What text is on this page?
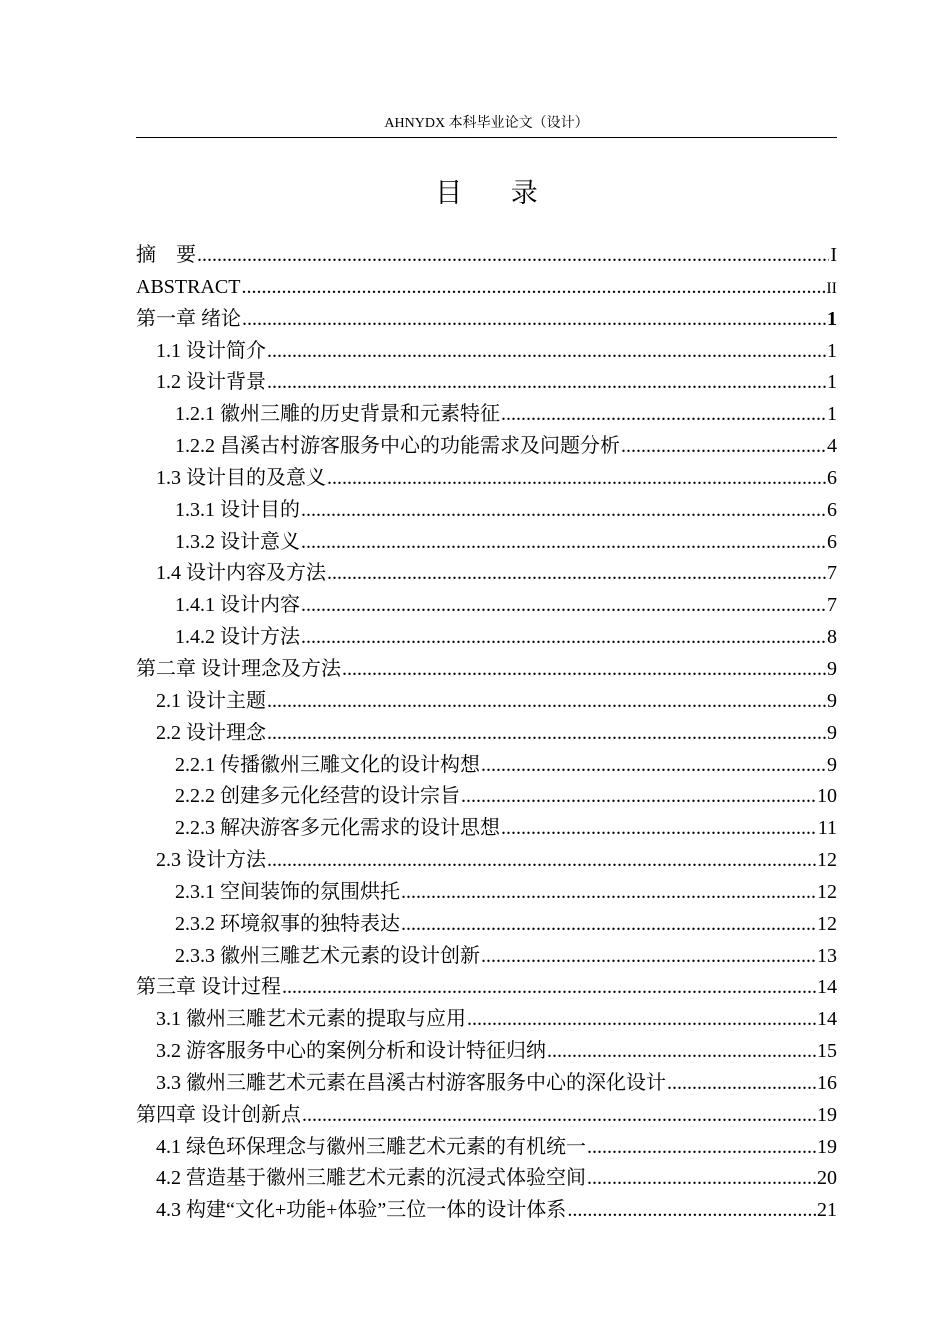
AHNYDX 本科毕业论文（设计）
目 录
摘　要 .....	I
ABSTRACT .....	II
第一章 绪论 .....	1
1.1 设计简介 .....	1
1.2 设计背景 .....	1
1.2.1 徽州三雕的历史背景和元素特征 .....	1
1.2.2 昌溪古村游客服务中心的功能需求及问题分析 .....	4
1.3 设计目的及意义 .....	6
1.3.1 设计目的 .....	6
1.3.2 设计意义 .....	6
1.4 设计内容及方法 .....	7
1.4.1 设计内容 .....	7
1.4.2 设计方法 .....	8
第二章 设计理念及方法 .....	9
2.1 设计主题 .....	9
2.2 设计理念 .....	9
2.2.1 传播徽州三雕文化的设计构想 .....	9
2.2.2 创建多元化经营的设计宗旨 .....	10
2.2.3 解决游客多元化需求的设计思想 .....	11
2.3 设计方法 .....	12
2.3.1 空间装饰的氛围烘托 .....	12
2.3.2 环境叙事的独特表达 .....	12
2.3.3 徽州三雕艺术元素的设计创新 .....	13
第三章 设计过程 .....	14
3.1 徽州三雕艺术元素的提取与应用 .....	14
3.2 游客服务中心的案例分析和设计特征归纳 .....	15
3.3 徽州三雕艺术元素在昌溪古村游客服务中心的深化设计 .....	16
第四章 设计创新点 .....	19
4.1 绿色环保理念与徽州三雕艺术元素的有机统一 .....	19
4.2 营造基于徽州三雕艺术元素的沉浸式体验空间 .....	20
4.3 构建“文化+功能+体验”三位一体的设计体系 .....	21
